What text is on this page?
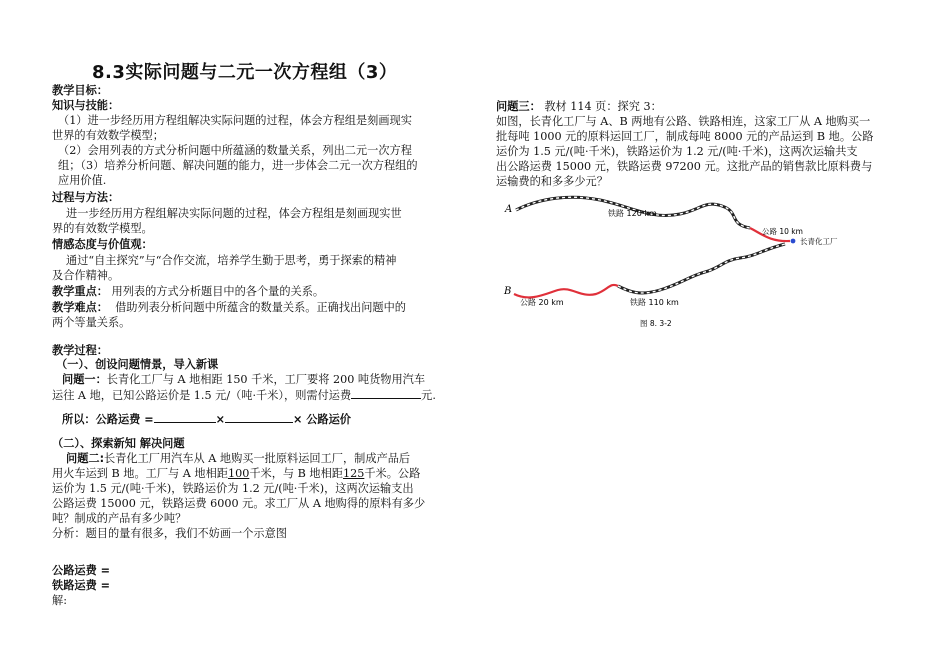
8.3实际问题与二元一次方程组（3）
教学目标：
知识与技能：
（1）进一步经历用方程组解决实际问题的过程，体会方程组是刻画现实
世界的有效数学模型；
（2）会用列表的方式分析问题中所蕴涵的数量关系，列出二元一次方程
组；（3）培养分析问题、解决问题的能力，进一步体会二元一次方程组的
应用价值.
过程与方法：
进一步经历用方程组解决实际问题的过程，体会方程组是刻画现实世
界的有效数学模型。
情感态度与价值观：
通过“自主探究”与“合作交流，培养学生勤于思考，勇于探索的精神
及合作精神。
教学重点： 用列表的方式分析题目中的各个量的关系。
教学难点： 借助列表分析问题中所蕴含的数量关系。正确找出问题中的
两个等量关系。
教学过程：
（一）、创设问题情景，导入新课
问题一：长青化工厂与 A 地相距 150 千米，工厂要将 200 吨货物用汽车
运往 A 地，已知公路运价是 1.5 元/（吨·千米），则需付运费	元.
所以：公路运费 =	×	× 公路运价
（二）、探索新知 解决问题
问题二:长青化工厂用汽车从 A 地购买一批原料运回工厂，制成产品后
用火车运到 B 地。工厂与 A 地相距100千米，与 B 地相距125千米。公路
运价为 1.5 元/(吨·千米)，铁路运价为 1.2 元/(吨·千米)，这两次运输支出
公路运费 15000 元，铁路运费 6000 元。求工厂从 A 地购得的原料有多少
吨？制成的产品有多少吨？
分析：题目的量有很多，我们不妨画一个示意图
公路运费 =
铁路运费 =
解:
问题三： 教材 114 页：探究 3：
如图，长青化工厂与 A、B 两地有公路、铁路相连，这家工厂从 A 地购买一
批每吨 1000 元的原料运回工厂，制成每吨 8000 元的产品运到 B 地。公路
运价为 1.5 元/(吨·千米)，铁路运价为 1.2 元/(吨·千米)，这两次运输共支
出公路运费 15000 元，铁路运费 97200 元。这批产品的销售款比原料费与
运输费的和多多少元？
A
B
铁路 120 km
公路 10 km
长青化工厂
公路 20 km	铁路 110 km
图 8. 3-2
